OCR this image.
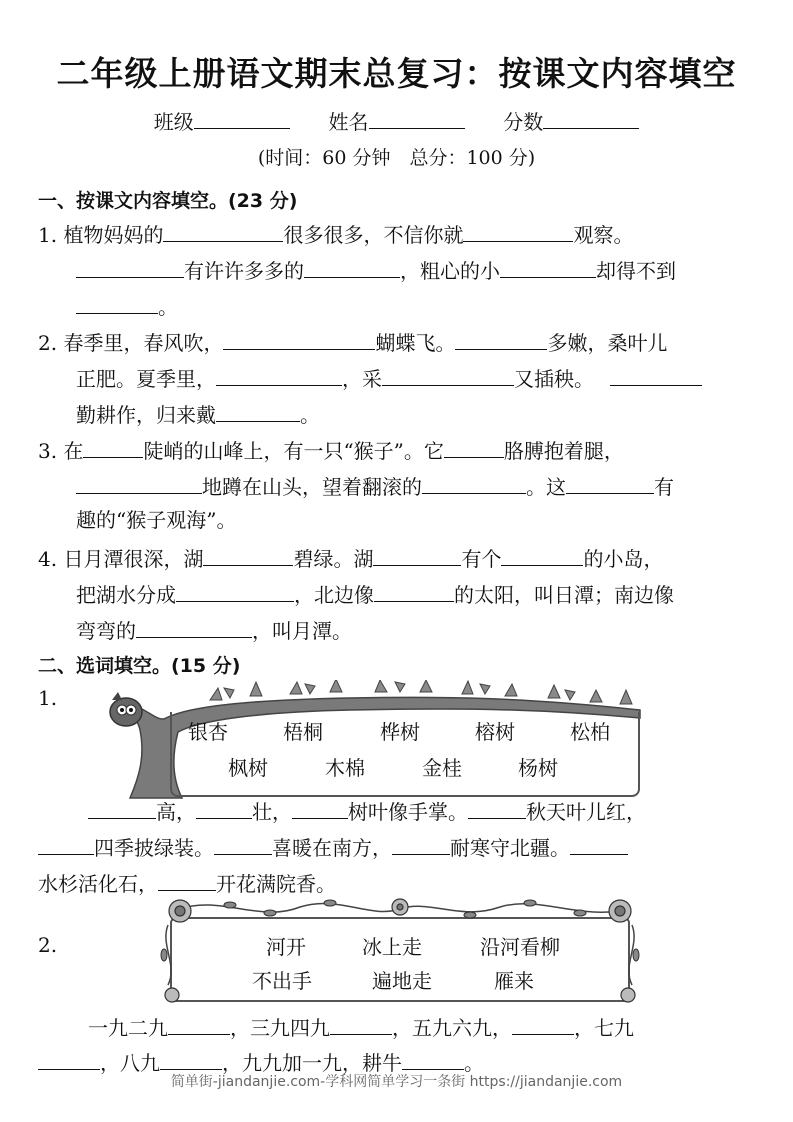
二年级上册语文期末总复习：按课文内容填空
班级	姓名	分数
(时间：60 分钟　总分：100 分)
一、按课文内容填空。(23 分)
1. 植物妈妈的	很多很多，不信你就	观察。
有许许多多的	，粗心的小	却得不到
。
2. 春季里，春风吹，	蝴蝶飞。	多嫩，桑叶儿
正肥。夏季里，	，采	又插秧。
勤耕作，归来戴	。
3. 在	陡峭的山峰上，有一只“猴子”。它	胳膊抱着腿，
地蹲在山头，望着翻滚的	。这	有
趣的“猴子观海”。
4. 日月潭很深，湖	碧绿。湖	有个	的小岛，
把湖水分成	，北边像	的太阳，叫日潭；南边像
弯弯的	，叫月潭。
二、选词填空。(15 分)
1.
银杏	梧桐	桦树	榕树	松柏
枫树	木棉	金桂	杨树
高，	壮，	树叶像手掌。	秋天叶儿红，
四季披绿装。	喜暖在南方，	耐寒守北疆。
水杉活化石，	开花满院香。
2.	河开	冰上走	沿河看柳
不出手	遍地走	雁来
一九二九	，三九四九	，五九六九，	，七九
，八九	，九九加一九，耕牛	。
简单街-jiandanjie.com-学科网简单学习一条街 https://jiandanjie.com
